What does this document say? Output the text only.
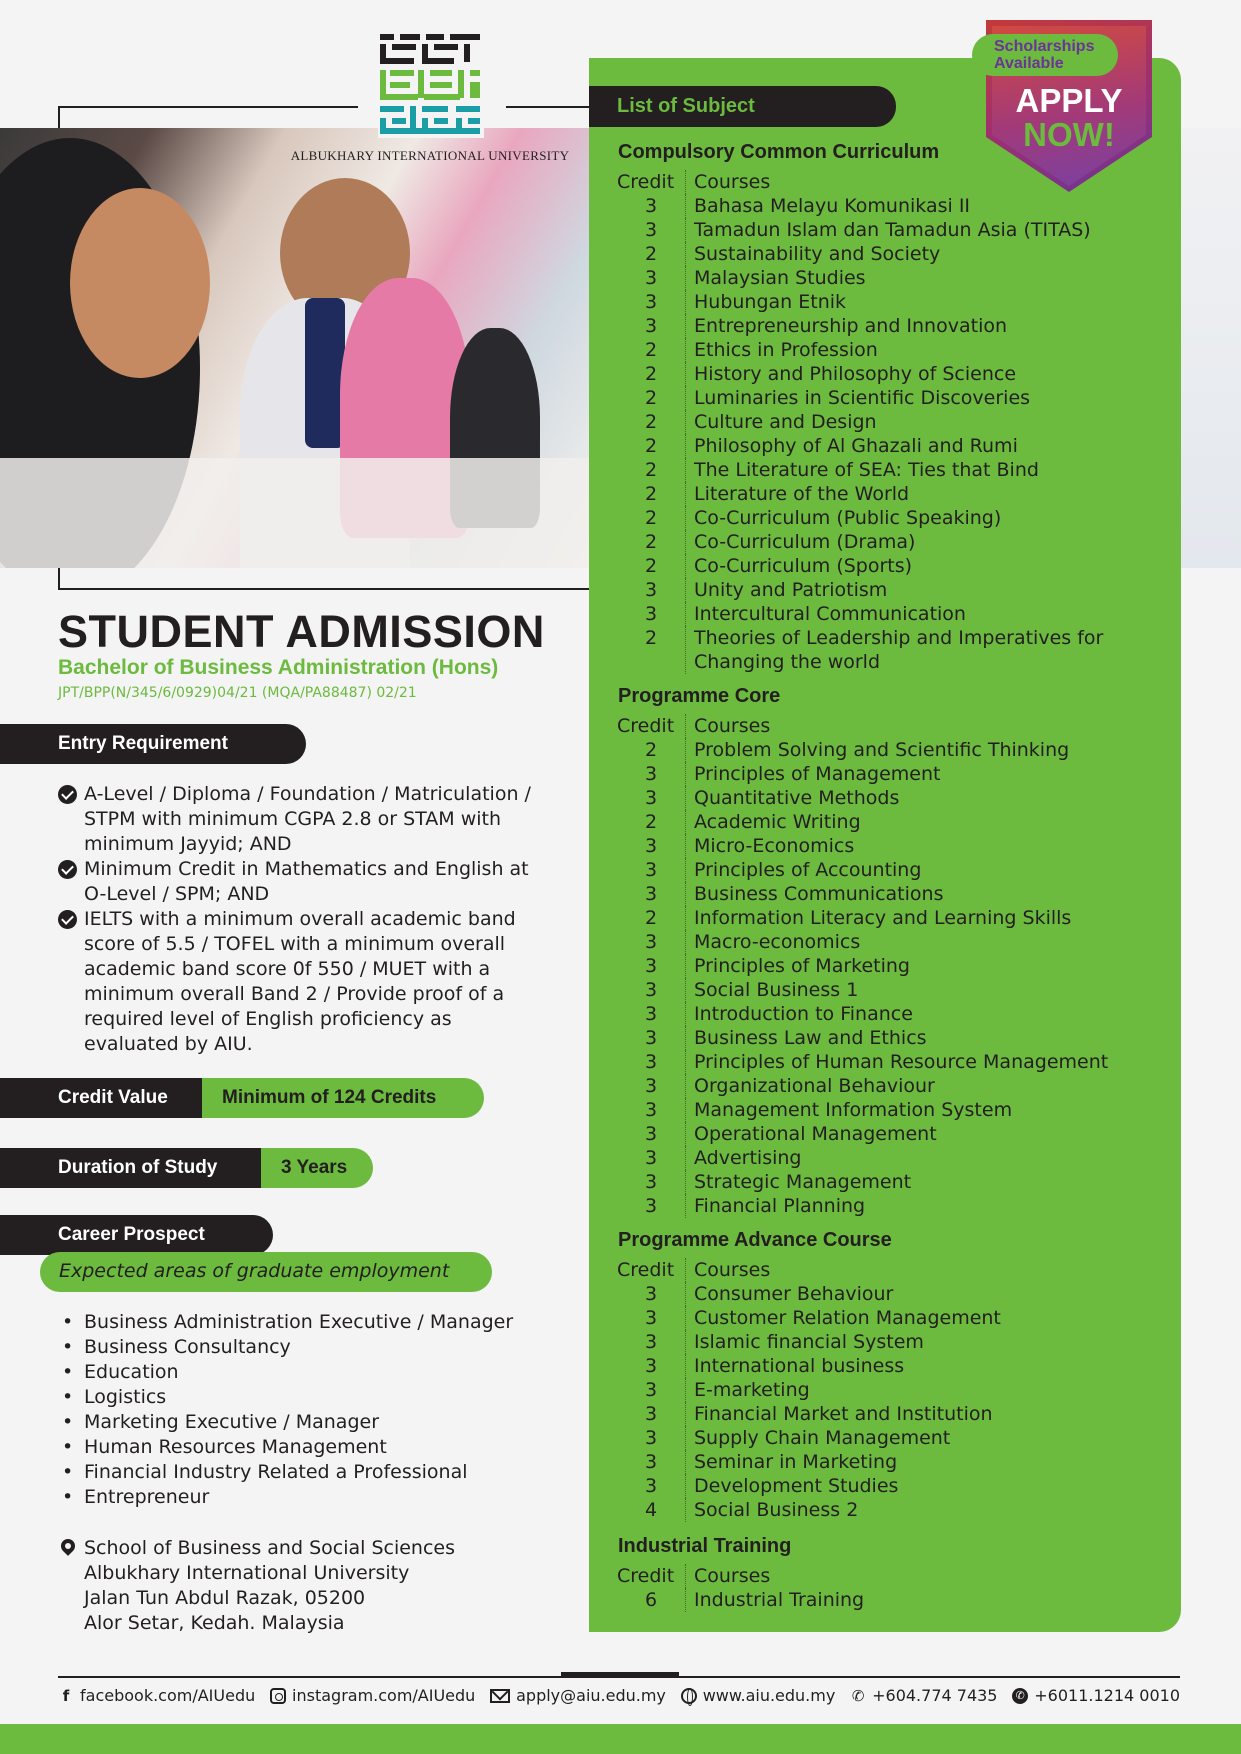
ALBUKHARY INTERNATIONAL UNIVERSITY
STUDENT ADMISSION
Bachelor of Business Administration (Hons)
JPT/BPP(N/345/6/0929)04/21 (MQA/PA88487) 02/21
Entry Requirement
A-Level / Diploma / Foundation / Matriculation / STPM with minimum CGPA 2.8 or STAM with minimum Jayyid; AND
Minimum Credit in Mathematics and English at O-Level / SPM; AND
IELTS with a minimum overall academic band score of 5.5 / TOFEL with a minimum overall academic band score 0f 550 / MUET with a minimum overall Band 2 / Provide proof of a required level of English proficiency as evaluated by AIU.
Credit Value	Minimum of 124 Credits
Duration of Study	3 Years
Career Prospect
Expected areas of graduate employment
• Business Administration Executive / Manager
• Business Consultancy
• Education
• Logistics
• Marketing Executive / Manager
• Human Resources Management
• Financial Industry Related a Professional
• Entrepreneur
School of Business and Social Sciences
Albukhary International University
Jalan Tun Abdul Razak, 05200
Alor Setar, Kedah. Malaysia
List of Subject
Compulsory Common Curriculum
Credit	Courses
3	Bahasa Melayu Komunikasi II
3	Tamadun Islam dan Tamadun Asia (TITAS)
2	Sustainability and Society
3	Malaysian Studies
3	Hubungan Etnik
3	Entrepreneurship and Innovation
2	Ethics in Profession
2	History and Philosophy of Science
2	Luminaries in Scientific Discoveries
2	Culture and Design
2	Philosophy of Al Ghazali and Rumi
2	The Literature of SEA: Ties that Bind
2	Literature of the World
2	Co-Curriculum (Public Speaking)
2	Co-Curriculum (Drama)
2	Co-Curriculum (Sports)
3	Unity and Patriotism
3	Intercultural Communication
2	Theories of Leadership and Imperatives for Changing the world
Programme Core
Credit	Courses
2	Problem Solving and Scientific Thinking
3	Principles of Management
3	Quantitative Methods
2	Academic Writing
3	Micro-Economics
3	Principles of Accounting
3	Business Communications
2	Information Literacy and Learning Skills
3	Macro-economics
3	Principles of Marketing
3	Social Business 1
3	Introduction to Finance
3	Business Law and Ethics
3	Principles of Human Resource Management
3	Organizational Behaviour
3	Management Information System
3	Operational Management
3	Advertising
3	Strategic Management
3	Financial Planning
Programme Advance Course
Credit	Courses
3	Consumer Behaviour
3	Customer Relation Management
3	Islamic financial System
3	International business
3	E-marketing
3	Financial Market and Institution
3	Supply Chain Management
3	Seminar in Marketing
3	Development Studies
4	Social Business 2
Industrial Training
Credit	Courses
6	Industrial Training
Scholarships
Available
APPLY
NOW!
f facebook.com/AIUedu instagram.com/AIUedu	apply@aiu.edu.my www.aiu.edu.my ✆ +604.774 7435	✆ +6011.1214 0010
